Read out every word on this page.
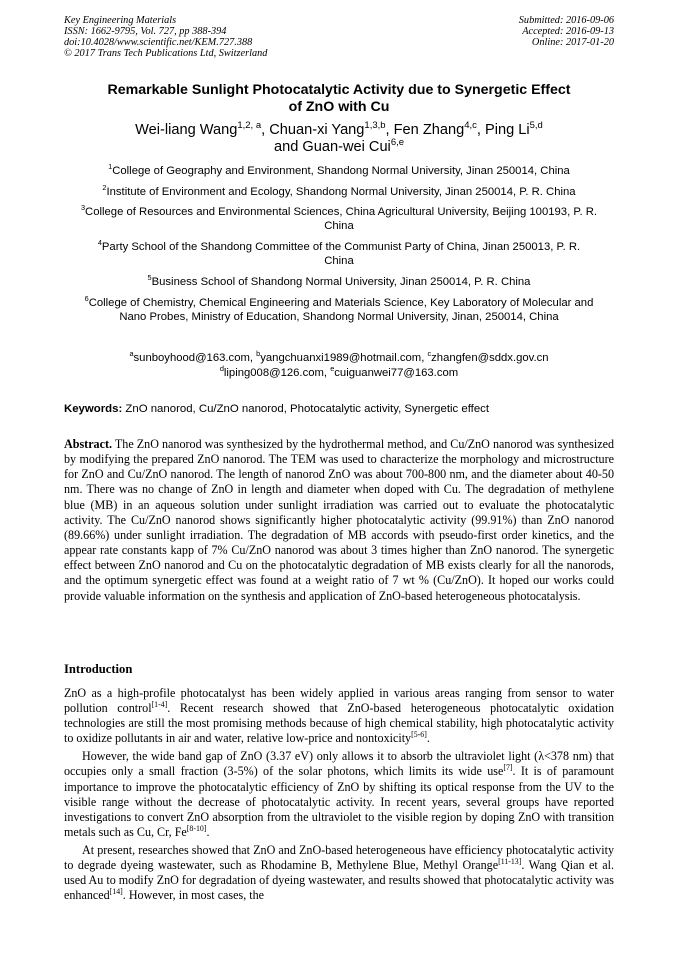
Key Engineering Materials
ISSN: 1662-9795, Vol. 727, pp 388-394
doi:10.4028/www.scientific.net/KEM.727.388
© 2017 Trans Tech Publications Ltd, Switzerland
Submitted: 2016-09-06
Accepted: 2016-09-13
Online: 2017-01-20
Remarkable Sunlight Photocatalytic Activity due to Synergetic Effect
of ZnO with Cu
Wei-liang Wang$^{1,2, a}$, Chuan-xi Yang$^{1,3,b}$, Fen Zhang$^{4,c}$, Ping Li$^{5,d}$
and Guan-wei Cui$^{6,e}$
$^1$College of Geography and Environment, Shandong Normal University, Jinan 250014, China
$^2$Institute of Environment and Ecology, Shandong Normal University, Jinan 250014, P. R. China
$^3$College of Resources and Environmental Sciences, China Agricultural University, Beijing 100193, P. R. China
$^4$Party School of the Shandong Committee of the Communist Party of China, Jinan 250013, P. R. China
$^5$Business School of Shandong Normal University, Jinan 250014, P. R. China
$^6$College of Chemistry, Chemical Engineering and Materials Science, Key Laboratory of Molecular and Nano Probes, Ministry of Education, Shandong Normal University, Jinan, 250014, China
$^a$sunboyhood@163.com, $^b$yangchuanxi1989@hotmail.com, $^c$zhangfen@sddx.gov.cn
$^d$liping008@126.com, $^e$cuiguanwei77@163.com
Keywords: ZnO nanorod, Cu/ZnO nanorod, Photocatalytic activity, Synergetic effect
Abstract. The ZnO nanorod was synthesized by the hydrothermal method, and Cu/ZnO nanorod was synthesized by modifying the prepared ZnO nanorod. The TEM was used to characterize the morphology and microstructure for ZnO and Cu/ZnO nanorod. The length of nanorod ZnO was about 700-800 nm, and the diameter about 40-50 nm. There was no change of ZnO in length and diameter when doped with Cu. The degradation of methylene blue (MB) in an aqueous solution under sunlight irradiation was carried out to evaluate the photocatalytic activity. The Cu/ZnO nanorod shows significantly higher photocatalytic activity (99.91%) than ZnO nanorod (89.66%) under sunlight irradiation. The degradation of MB accords with pseudo-first order kinetics, and the appear rate constants kapp of 7% Cu/ZnO nanorod was about 3 times higher than ZnO nanorod. The synergetic effect between ZnO nanorod and Cu on the photocatalytic degradation of MB exists clearly for all the nanorods, and the optimum synergetic effect was found at a weight ratio of 7 wt % (Cu/ZnO). It hoped our works could provide valuable information on the synthesis and application of ZnO-based heterogeneous photocatalysis.
Introduction

ZnO as a high-profile photocatalyst has been widely applied in various areas ranging from sensor to water pollution control[1-4]. Recent research showed that ZnO-based heterogeneous photocatalytic oxidation technologies are still the most promising methods because of high chemical stability, high photocatalytic activity to oxidize pollutants in air and water, relative low-price and nontoxicity[5-6].

However, the wide band gap of ZnO (3.37 eV) only allows it to absorb the ultraviolet light (λ<378 nm) that occupies only a small fraction (3-5%) of the solar photons, which limits its wide use[7]. It is of paramount importance to improve the photocatalytic efficiency of ZnO by shifting its optical response from the UV to the visible range without the decrease of photocatalytic activity. In recent years, several groups have reported investigations to convert ZnO absorption from the ultraviolet to the visible region by doping ZnO with transition metals such as Cu, Cr, Fe[8-10].

At present, researches showed that ZnO and ZnO-based heterogeneous have efficiency photocatalytic activity to degrade dyeing wastewater, such as Rhodamine B, Methylene Blue, Methyl Orange[11-13]. Wang Qian et al. used Au to modify ZnO for degradation of dyeing wastewater, and results showed that photocatalytic activity was enhanced[14]. However, in most cases, the
